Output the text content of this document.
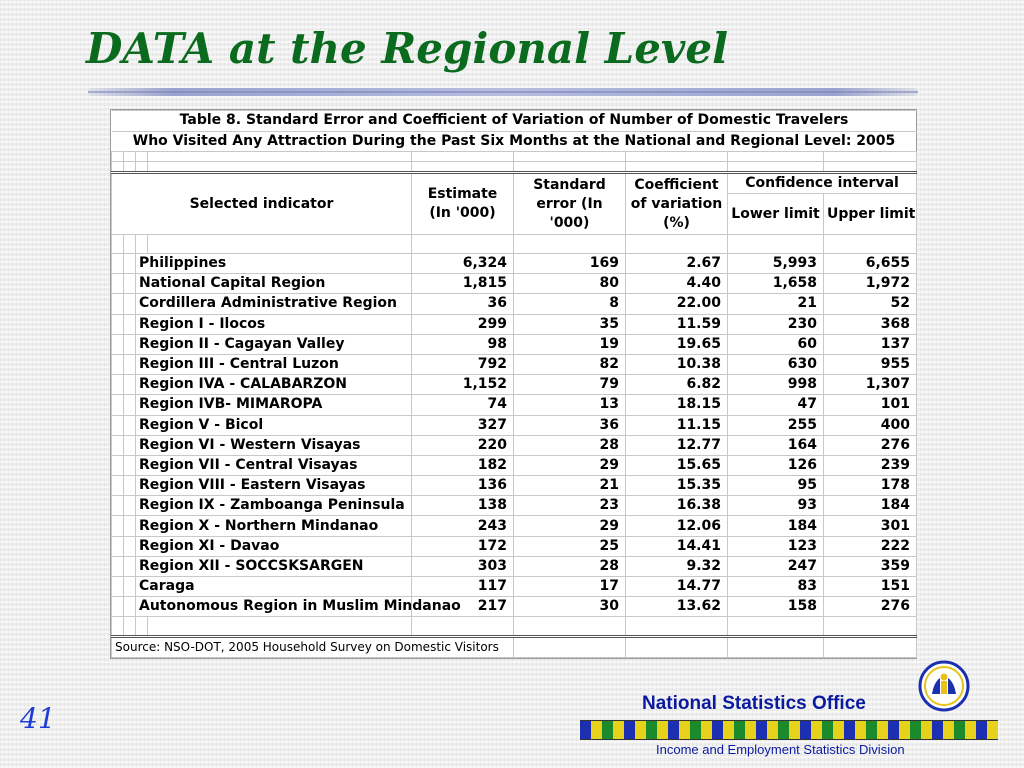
DATA at the Regional Level
Table 8. Standard Error and Coefficient of Variation of Number of Domestic Travelers								
Who Visited Any Attraction During the Past Six Months at the National and Regional Level: 2005								

Selected indicator				Estimate (In '000)	Standard error (In '000)	Coefficient of variation (%)	Confidence interval	
							Lower limit	Upper limit

		Philippines		6,324	169	2.67	5,993	6,655
		National Capital Region		1,815	80	4.40	1,658	1,972
		Cordillera Administrative Region		36	8	22.00	21	52
		Region I - Ilocos		299	35	11.59	230	368
		Region II - Cagayan Valley		98	19	19.65	60	137
		Region III - Central Luzon		792	82	10.38	630	955
		Region IVA - CALABARZON		1,152	79	6.82	998	1,307
		Region IVB- MIMAROPA		74	13	18.15	47	101
		Region V - Bicol		327	36	11.15	255	400
		Region VI - Western Visayas		220	28	12.77	164	276
		Region VII - Central Visayas		182	29	15.65	126	239
		Region VIII - Eastern Visayas		136	21	15.35	95	178
		Region IX - Zamboanga Peninsula		138	23	16.38	93	184
		Region X - Northern Mindanao		243	29	12.06	184	301
		Region XI - Davao		172	25	14.41	123	222
		Region XII - SOCCSKSARGEN		303	28	9.32	247	359
		Caraga		117	17	14.77	83	151
		Autonomous Region in Muslim Mindanao		217	30	13.62	158	276

Source: NSO-DOT, 2005 Household Survey on Domestic Visitors								
41	National Statistics Office
Income and Employment Statistics Division
